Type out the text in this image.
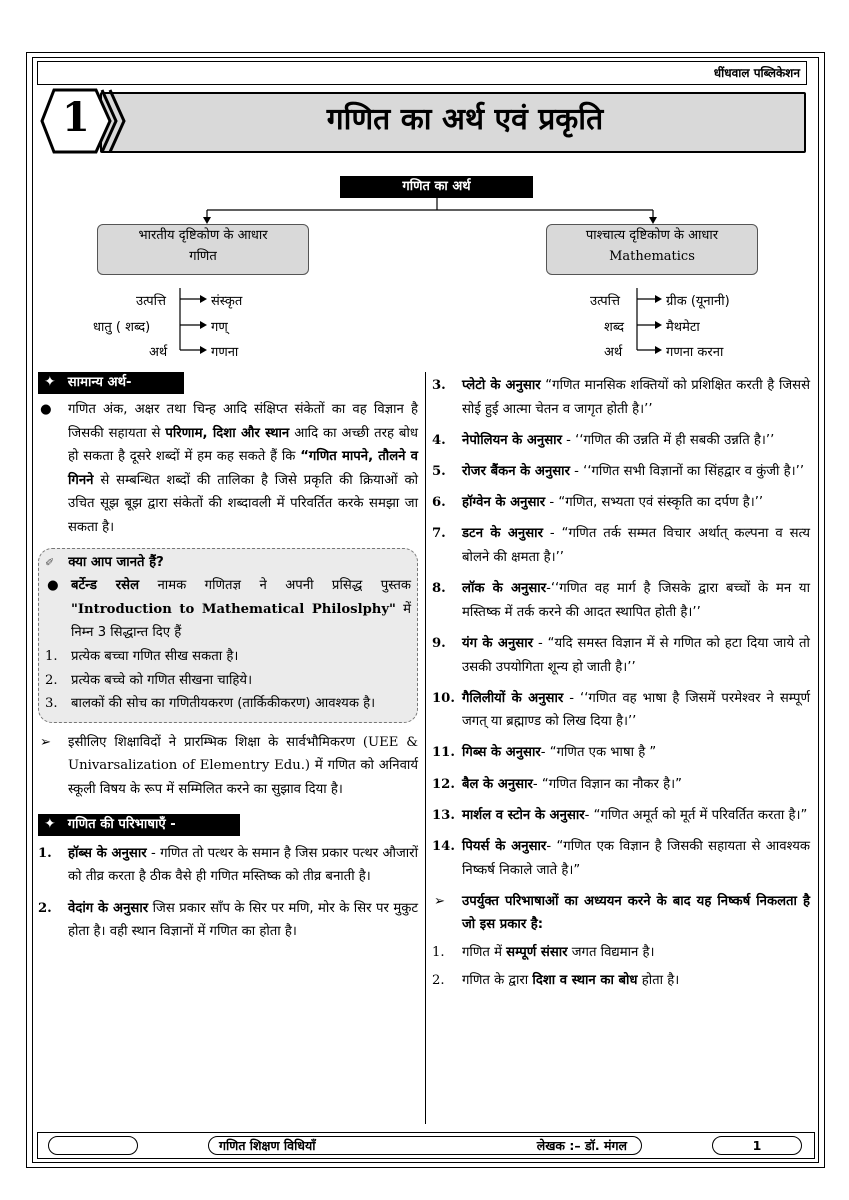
धींधवाल पब्लिकेशन
1	गणित का अर्थ एवं प्रकृति
गणित का अर्थ
भारतीय दृष्टिकोण के आधार
गणित
पाश्चात्य दृष्टिकोण के आधार
Mathematics
उत्पत्ति
धातु ( शब्द)
अर्थ
संस्कृत
गण्
गणना
उत्पत्ति
शब्द
अर्थ
ग्रीक (यूनानी)
मैथमेटा
गणना करना
✦ सामान्य अर्थ-

● गणित अंक, अक्षर तथा चिन्ह आदि संक्षिप्त संकेतों का वह विज्ञान है जिसकी सहायता से परिणाम, दिशा और स्थान आदि का अच्छी तरह बोध हो सकता है दूसरे शब्दों में हम कह सकते हैं कि “गणित मापने, तौलने व गिनने से सम्बन्धित शब्दों की तालिका है जिसे प्रकृति की क्रियाओं को उचित सूझ बूझ द्वारा संकेतों की शब्दावली में परिवर्तित करके समझा जा सकता है।

✐ क्या आप जानते हैं?

● बर्टेन्ड रसेल नामक गणितज्ञ ने अपनी प्रसिद्ध पुस्तक "Introduction to Mathematical Philoslphy" में निम्न 3 सिद्धान्त दिए हैं

1. प्रत्येक बच्चा गणित सीख सकता है।

2. प्रत्येक बच्चे को गणित सीखना चाहिये।

3. बालकों की सोच का गणितीयकरण (तार्किकीकरण) आवश्यक है।

➢ इसीलिए शिक्षाविदों ने प्रारम्भिक शिक्षा के सार्वभौमिकरण (UEE & Univarsalization of Elementry Edu.) में गणित को अनिवार्य स्कूली विषय के रूप में सम्मिलित करने का सुझाव दिया है।

✦ गणित की परिभाषाएँ -

1. हॉब्स के अनुसार - गणित तो पत्थर के समान है जिस प्रकार पत्थर औजारों को तीव्र करता है ठीक वैसे ही गणित मस्तिष्क को तीव्र बनाती है।

2. वेदांग के अनुसार जिस प्रकार साँप के सिर पर मणि, मोर के सिर पर मुकुट होता है। वही स्थान विज्ञानों में गणित का होता है।

3. प्लेटो के अनुसार “गणित मानसिक शक्तियों को प्रशिक्षित करती है जिससे सोई हुई आत्मा चेतन व जागृत होती है।’’

4. नेपोलियन के अनुसार - ‘‘गणित की उन्नति में ही सबकी उन्नति है।’’

5. रोजर बैंकन के अनुसार - ‘‘गणित सभी विज्ञानों का सिंहद्वार व कुंजी है।’’

6. हॉग्वेन के अनुसार - “गणित, सभ्यता एवं संस्कृति का दर्पण है।’’

7. डटन के अनुसार - “गणित तर्क सम्मत विचार अर्थात् कल्पना व सत्य बोलने की क्षमता है।’’

8. लॉक के अनुसार-‘‘गणित वह मार्ग है जिसके द्वारा बच्चों के मन या मस्तिष्क में तर्क करने की आदत स्थापित होती है।’’

9. यंग के अनुसार - “यदि समस्त विज्ञान में से गणित को हटा दिया जाये तो उसकी उपयोगिता शून्य हो जाती है।’’

10. गैलिलीयों के अनुसार - ‘‘गणित वह भाषा है जिसमें परमेश्वर ने सम्पूर्ण जगत् या ब्रह्माण्ड को लिख दिया है।’’

11. गिब्स के अनुसार- “गणित एक भाषा है ”

12. बैल के अनुसार- “गणित विज्ञान का नौकर है।”

13. मार्शल व स्टोन के अनुसार- “गणित अमूर्त को मूर्त में परिवर्तित करता है।”

14. पियर्स के अनुसार- “गणित एक विज्ञान है जिसकी सहायता से आवश्यक निष्कर्ष निकाले जाते है।”

➢ उपर्युक्त परिभाषाओं का अध्ययन करने के बाद यह निष्कर्ष निकलता है जो इस प्रकार है:

1. गणित में सम्पूर्ण संसार जगत विद्यमान है।

2. गणित के द्वारा दिशा व स्थान का बोध होता है।

गणित शिक्षण विधियाँ	लेखक :– डॉ. मंगल	1
